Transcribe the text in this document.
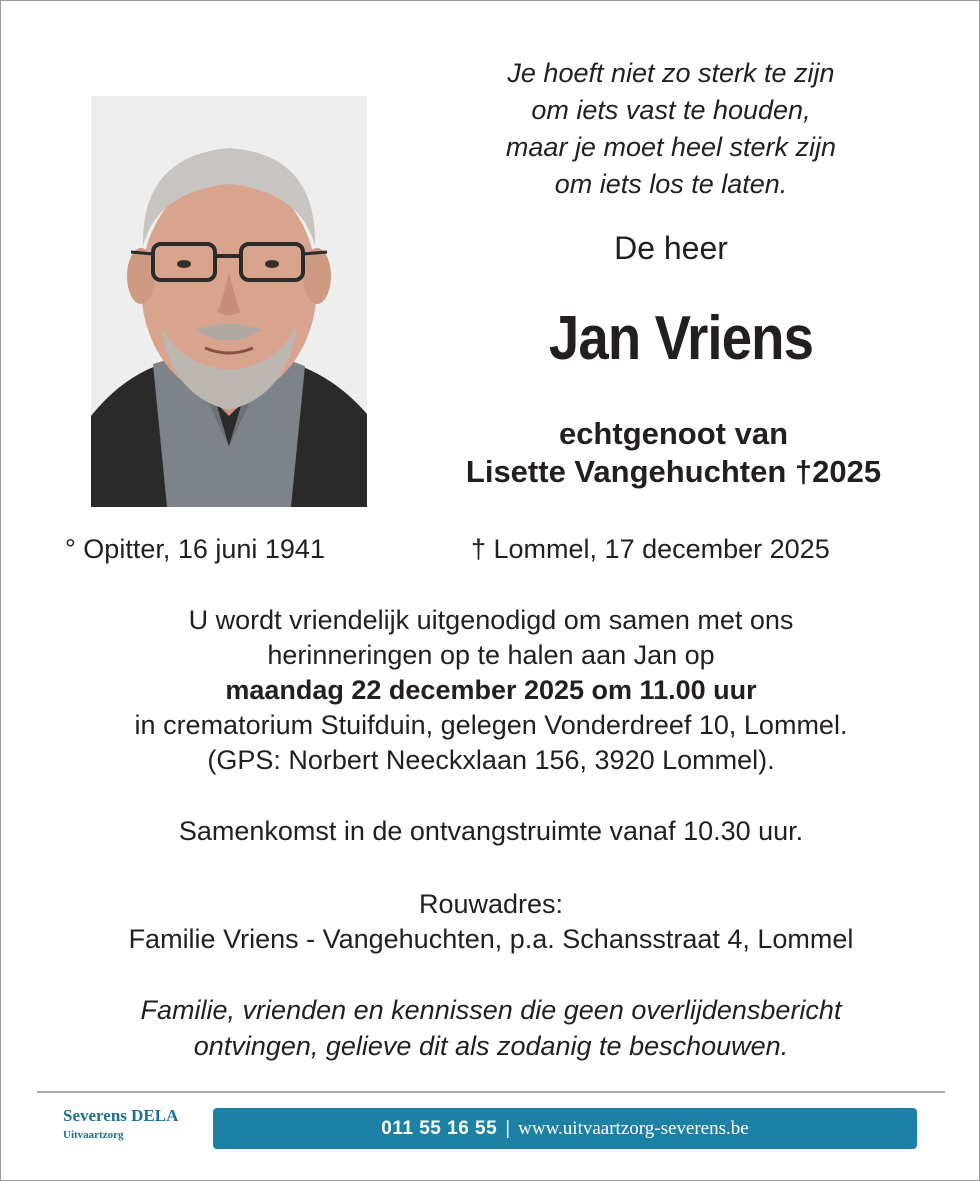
Je hoeft niet zo sterk te zijn
om iets vast te houden,
maar je moet heel sterk zijn
om iets los te laten.
De heer
Jan Vriens
echtgenoot van
Lisette Vangehuchten †2025
° Opitter, 16 juni 1941	† Lommel, 17 december 2025
U wordt vriendelijk uitgenodigd om samen met ons
herinneringen op te halen aan Jan op
maandag 22 december 2025 om 11.00 uur
in crematorium Stuifduin, gelegen Vonderdreef 10, Lommel.
(GPS: Norbert Neeckxlaan 156, 3920 Lommel).
Samenkomst in de ontvangstruimte vanaf 10.30 uur.
Rouwadres:
Familie Vriens - Vangehuchten, p.a. Schansstraat 4, Lommel
Familie, vrienden en kennissen die geen overlijdensbericht
ontvingen, gelieve dit als zodanig te beschouwen.
Severens DELA
Uitvaartzorg	011 55 16 55 | www.uitvaartzorg-severens.be
